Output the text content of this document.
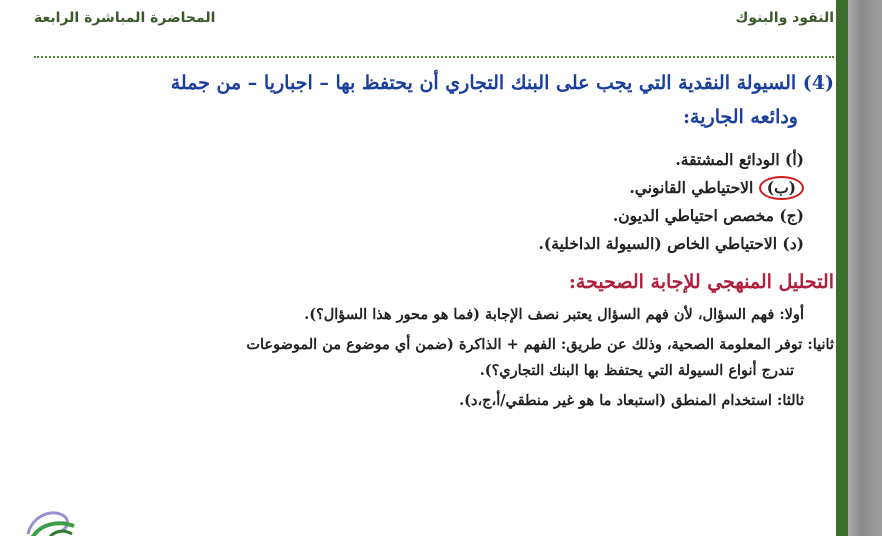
النقود والبنوك
المحاضرة المباشرة الرابعة

(4) السيولة النقدية التي يجب على البنك التجاري أن يحتفظ بها – اجباريا – من جملة
ودائعه الجارية:

(أ) الودائع المشتقة.
(ب) الاحتياطي القانوني.
(ج) مخصص احتياطي الديون.
(د) الاحتياطي الخاص (السيولة الداخلية).
التحليل المنهجي للإجابة الصحيحة:
أولا: فهم السؤال، لأن فهم السؤال يعتبر نصف الإجابة (فما هو محور هذا السؤال؟).
ثانيا: توفر المعلومة الصحية، وذلك عن طريق: الفهم + الذاكرة (ضمن أي موضوع من الموضوعات
تندرج أنواع السيولة التي يحتفظ بها البنك التجاري؟).
ثالثا: استخدام المنطق (استبعاد ما هو غير منطقي/أ،ج،د).
